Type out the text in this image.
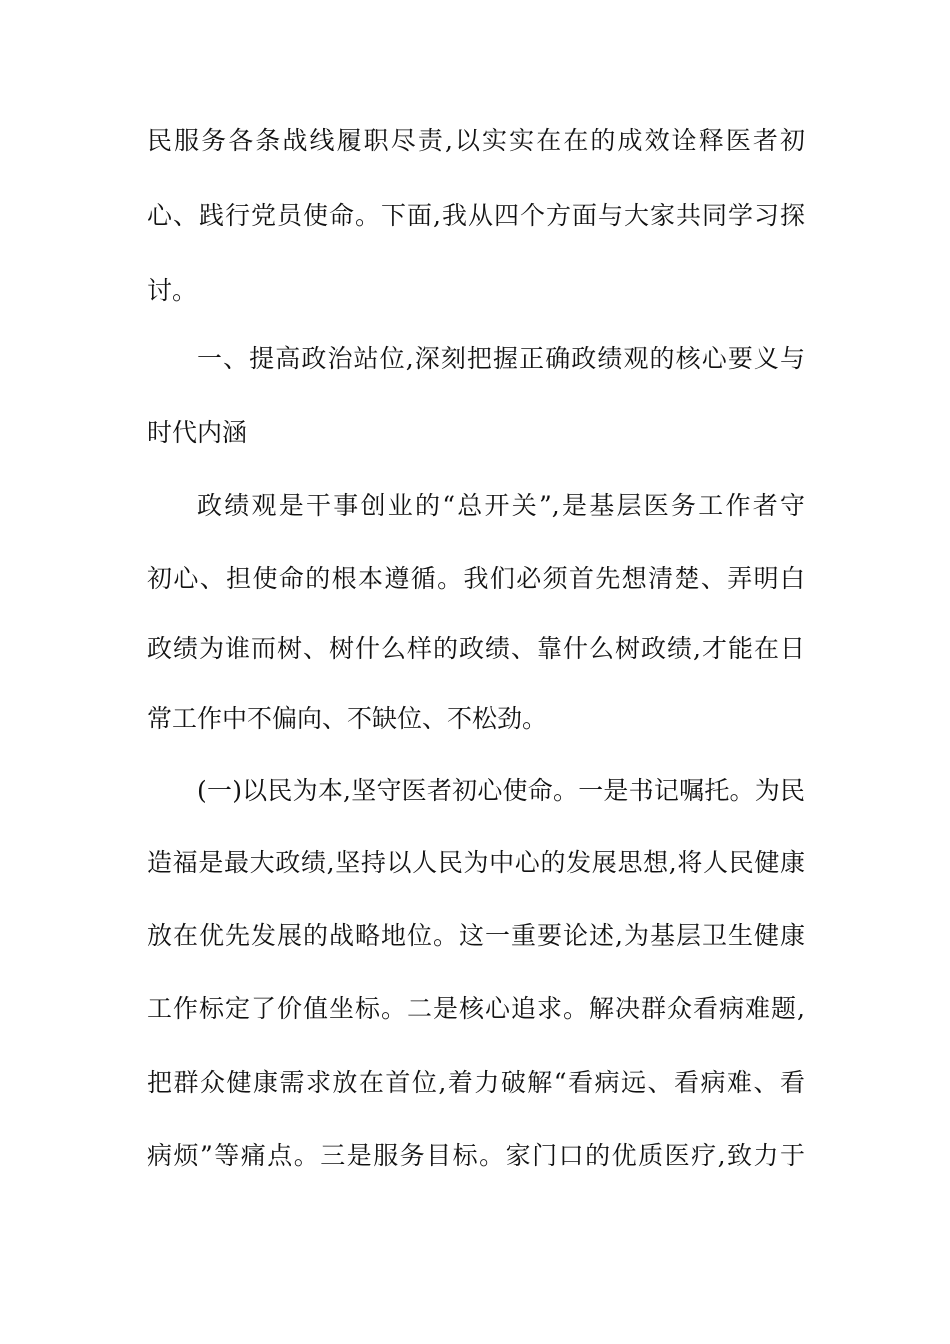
民服务各条战线履职尽责,以实实在在的成效诠释医者初
心、践行党员使命。下面,我从四个方面与大家共同学习探
讨。
一、提高政治站位,深刻把握正确政绩观的核心要义与
时代内涵
政绩观是干事创业的“总开关”,是基层医务工作者守
初心、担使命的根本遵循。我们必须首先想清楚、弄明白
政绩为谁而树、树什么样的政绩、靠什么树政绩,才能在日
常工作中不偏向、不缺位、不松劲。
(一)以民为本,坚守医者初心使命。一是书记嘱托。为民
造福是最大政绩,坚持以人民为中心的发展思想,将人民健康
放在优先发展的战略地位。这一重要论述,为基层卫生健康
工作标定了价值坐标。二是核心追求。解决群众看病难题,
把群众健康需求放在首位,着力破解“看病远、看病难、看
病烦”等痛点。三是服务目标。家门口的优质医疗,致力于
